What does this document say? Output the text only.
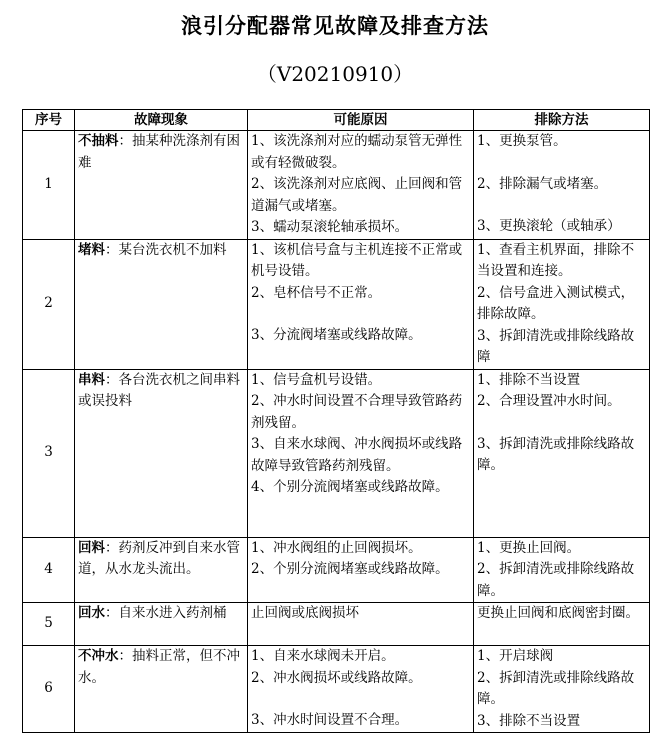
浪引分配器常见故障及排查方法
（V20210910）
序号	故障现象	可能原因	排除方法
1	不抽料：抽某种洗涤剂有困难	1、该洗涤剂对应的蠕动泵管无弹性或有轻微破裂。
2、该洗涤剂对应底阀、止回阀和管道漏气或堵塞。
3、蠕动泵滚轮轴承损坏。	1、更换泵管。
2、排除漏气或堵塞。
3、更换滚轮（或轴承）

2	堵料：某台洗衣机不加料	1、该机信号盒与主机连接不正常或机号设错。
2、皂杯信号不正常。
3、分流阀堵塞或线路故障。	1、查看主机界面，排除不当设置和连接。
2、信号盒进入测试模式，排除故障。
3、拆卸清洗或排除线路故障

3	串料：各台洗衣机之间串料或误投料	1、信号盒机号设错。
2、冲水时间设置不合理导致管路药剂残留。
3、自来水球阀、冲水阀损坏或线路故障导致管路药剂残留。
4、个别分流阀堵塞或线路故障。	1、排除不当设置
2、合理设置冲水时间。
3、拆卸清洗或排除线路故障。

4	回料：药剂反冲到自来水管道，从水龙头流出。	1、冲水阀组的止回阀损坏。
2、个别分流阀堵塞或线路故障。	1、更换止回阀。
2、拆卸清洗或排除线路故障。

5	回水：自来水进入药剂桶	止回阀或底阀损坏	更换止回阀和底阀密封圈。

6	不冲水：抽料正常，但不冲水。	1、自来水球阀未开启。
2、冲水阀损坏或线路故障。
3、冲水时间设置不合理。	1、开启球阀
2、拆卸清洗或排除线路故障。
3、排除不当设置
